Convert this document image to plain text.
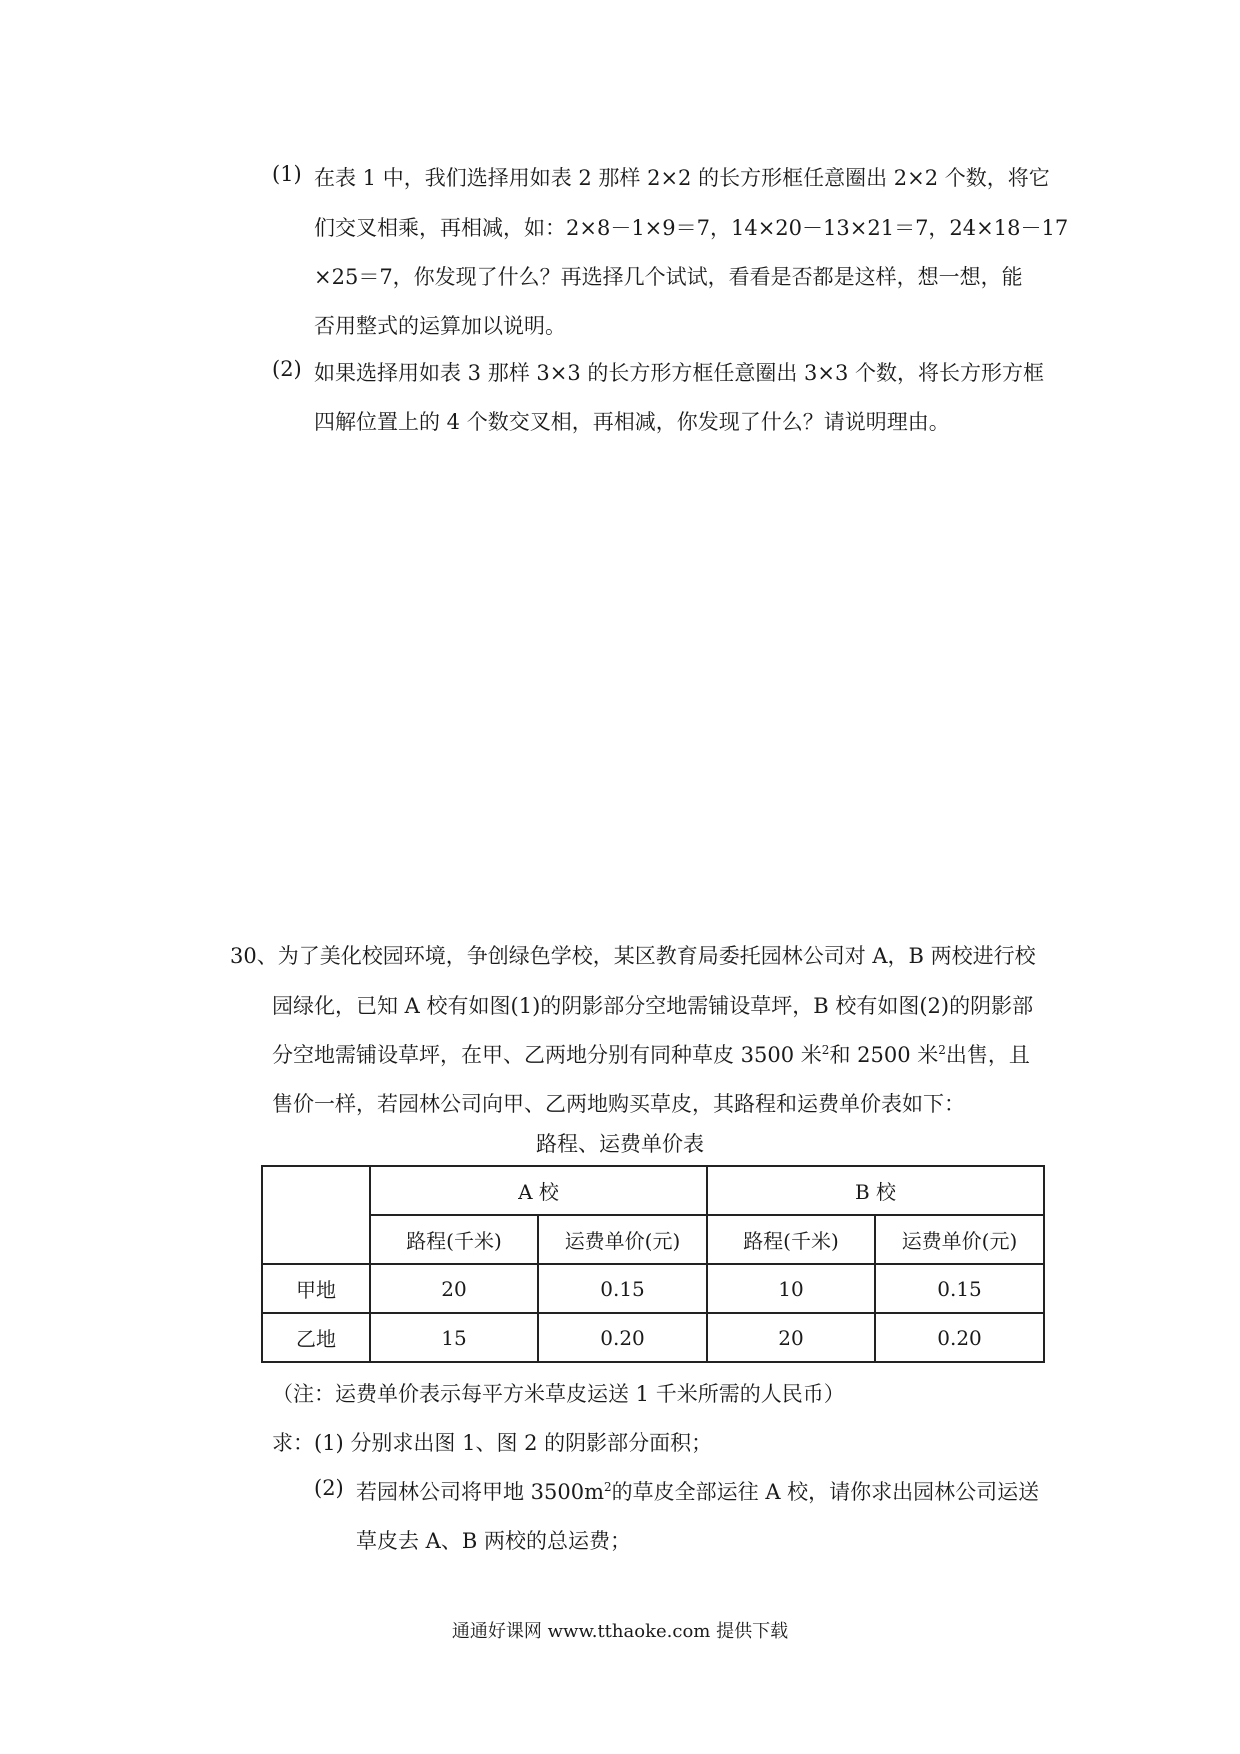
(1) 在表 1 中，我们选择用如表 2 那样 2×2 的长方形框任意圈出 2×2 个数，将它
们交叉相乘，再相减，如：2×8－1×9＝7，14×20－13×21＝7，24×18－17
×25＝7，你发现了什么？再选择几个试试，看看是否都是这样，想一想，能
否用整式的运算加以说明。
(2) 如果选择用如表 3 那样 3×3 的长方形方框任意圈出 3×3 个数，将长方形方框
四解位置上的 4 个数交叉相，再相减，你发现了什么？请说明理由。
30、为了美化校园环境，争创绿色学校，某区教育局委托园林公司对 A，B 两校进行校
园绿化，已知 A 校有如图(1)的阴影部分空地需铺设草坪，B 校有如图(2)的阴影部
分空地需铺设草坪，在甲、乙两地分别有同种草皮 3500 米$^2$和 2500 米$^2$出售，且
售价一样，若园林公司向甲、乙两地购买草皮，其路程和运费单价表如下：
路程、运费单价表
	A 校		B 校	
	路程(千米)	运费单价(元)	路程(千米)	运费单价(元)
甲地	20	0.15	10	0.15
乙地	15	0.20	20	0.20
（注：运费单价表示每平方米草皮运送 1 千米所需的人民币）
求：(1) 分别求出图 1、图 2 的阴影部分面积；
(2) 若园林公司将甲地 $3500m^2$的草皮全部运往 A 校，请你求出园林公司运送
草皮去 A、B 两校的总运费；
通通好课网 www.tthaoke.com 提供下载
